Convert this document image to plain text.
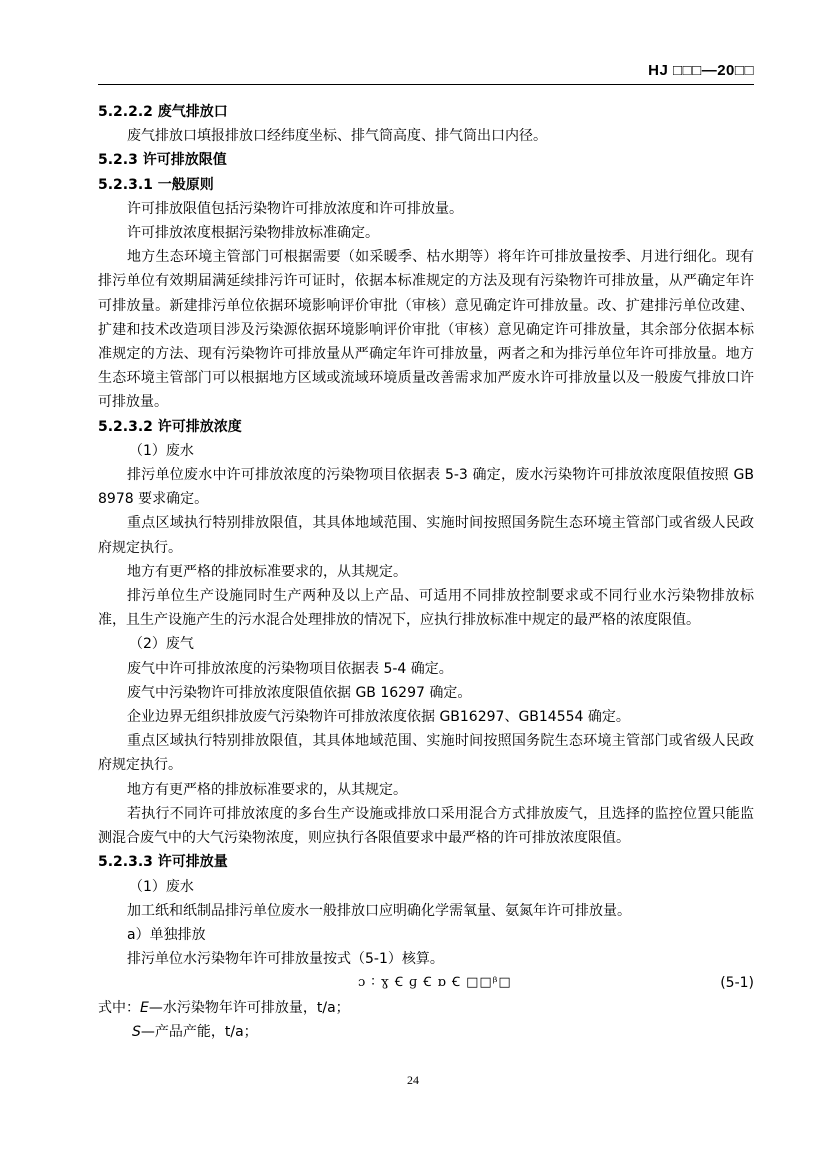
HJ □□□—20□□
5.2.2.2 废气排放口
废气排放口填报排放口经纬度坐标、排气筒高度、排气筒出口内径。
5.2.3 许可排放限值
5.2.3.1 一般原则
许可排放限值包括污染物许可排放浓度和许可排放量。
许可排放浓度根据污染物排放标准确定。
地方生态环境主管部门可根据需要（如采暖季、枯水期等）将年许可排放量按季、月进行细化。现有排污单位有效期届满延续排污许可证时，依据本标准规定的方法及现有污染物许可排放量，从严确定年许可排放量。新建排污单位依据环境影响评价审批（审核）意见确定许可排放量。改、扩建排污单位改建、扩建和技术改造项目涉及污染源依据环境影响评价审批（审核）意见确定许可排放量，其余部分依据本标准规定的方法、现有污染物许可排放量从严确定年许可排放量，两者之和为排污单位年许可排放量。地方生态环境主管部门可以根据地方区域或流域环境质量改善需求加严废水许可排放量以及一般废气排放口许可排放量。
5.2.3.2 许可排放浓度
（1）废水
排污单位废水中许可排放浓度的污染物项目依据表 5-3 确定，废水污染物许可排放浓度限值按照 GB 8978 要求确定。
重点区域执行特别排放限值，其具体地域范围、实施时间按照国务院生态环境主管部门或省级人民政府规定执行。
地方有更严格的排放标准要求的，从其规定。
排污单位生产设施同时生产两种及以上产品、可适用不同排放控制要求或不同行业水污染物排放标准，且生产设施产生的污水混合处理排放的情况下，应执行排放标准中规定的最严格的浓度限值。
（2）废气
废气中许可排放浓度的污染物项目依据表 5-4 确定。
废气中污染物许可排放浓度限值依据 GB 16297 确定。
企业边界无组织排放废气污染物许可排放浓度依据 GB16297、GB14554 确定。
重点区域执行特别排放限值，其具体地域范围、实施时间按照国务院生态环境主管部门或省级人民政府规定执行。
地方有更严格的排放标准要求的，从其规定。
若执行不同许可排放浓度的多台生产设施或排放口采用混合方式排放废气，且选择的监控位置只能监测混合废气中的大气污染物浓度，则应执行各限值要求中最严格的许可排放浓度限值。
5.2.3.3 许可排放量
（1）废水
加工纸和纸制品排污单位废水一般排放口应明确化学需氧量、氨氮年许可排放量。
a）单独排放
排污单位水污染物年许可排放量按式（5-1）核算。
ɔ ∶ ɣ Ꞓ ɡ Ꞓ ɒ Ꞓ □□ᵝ□	(5-1)
式中：E—水污染物年许可排放量，t/a；
S—产品产能，t/a；
24
